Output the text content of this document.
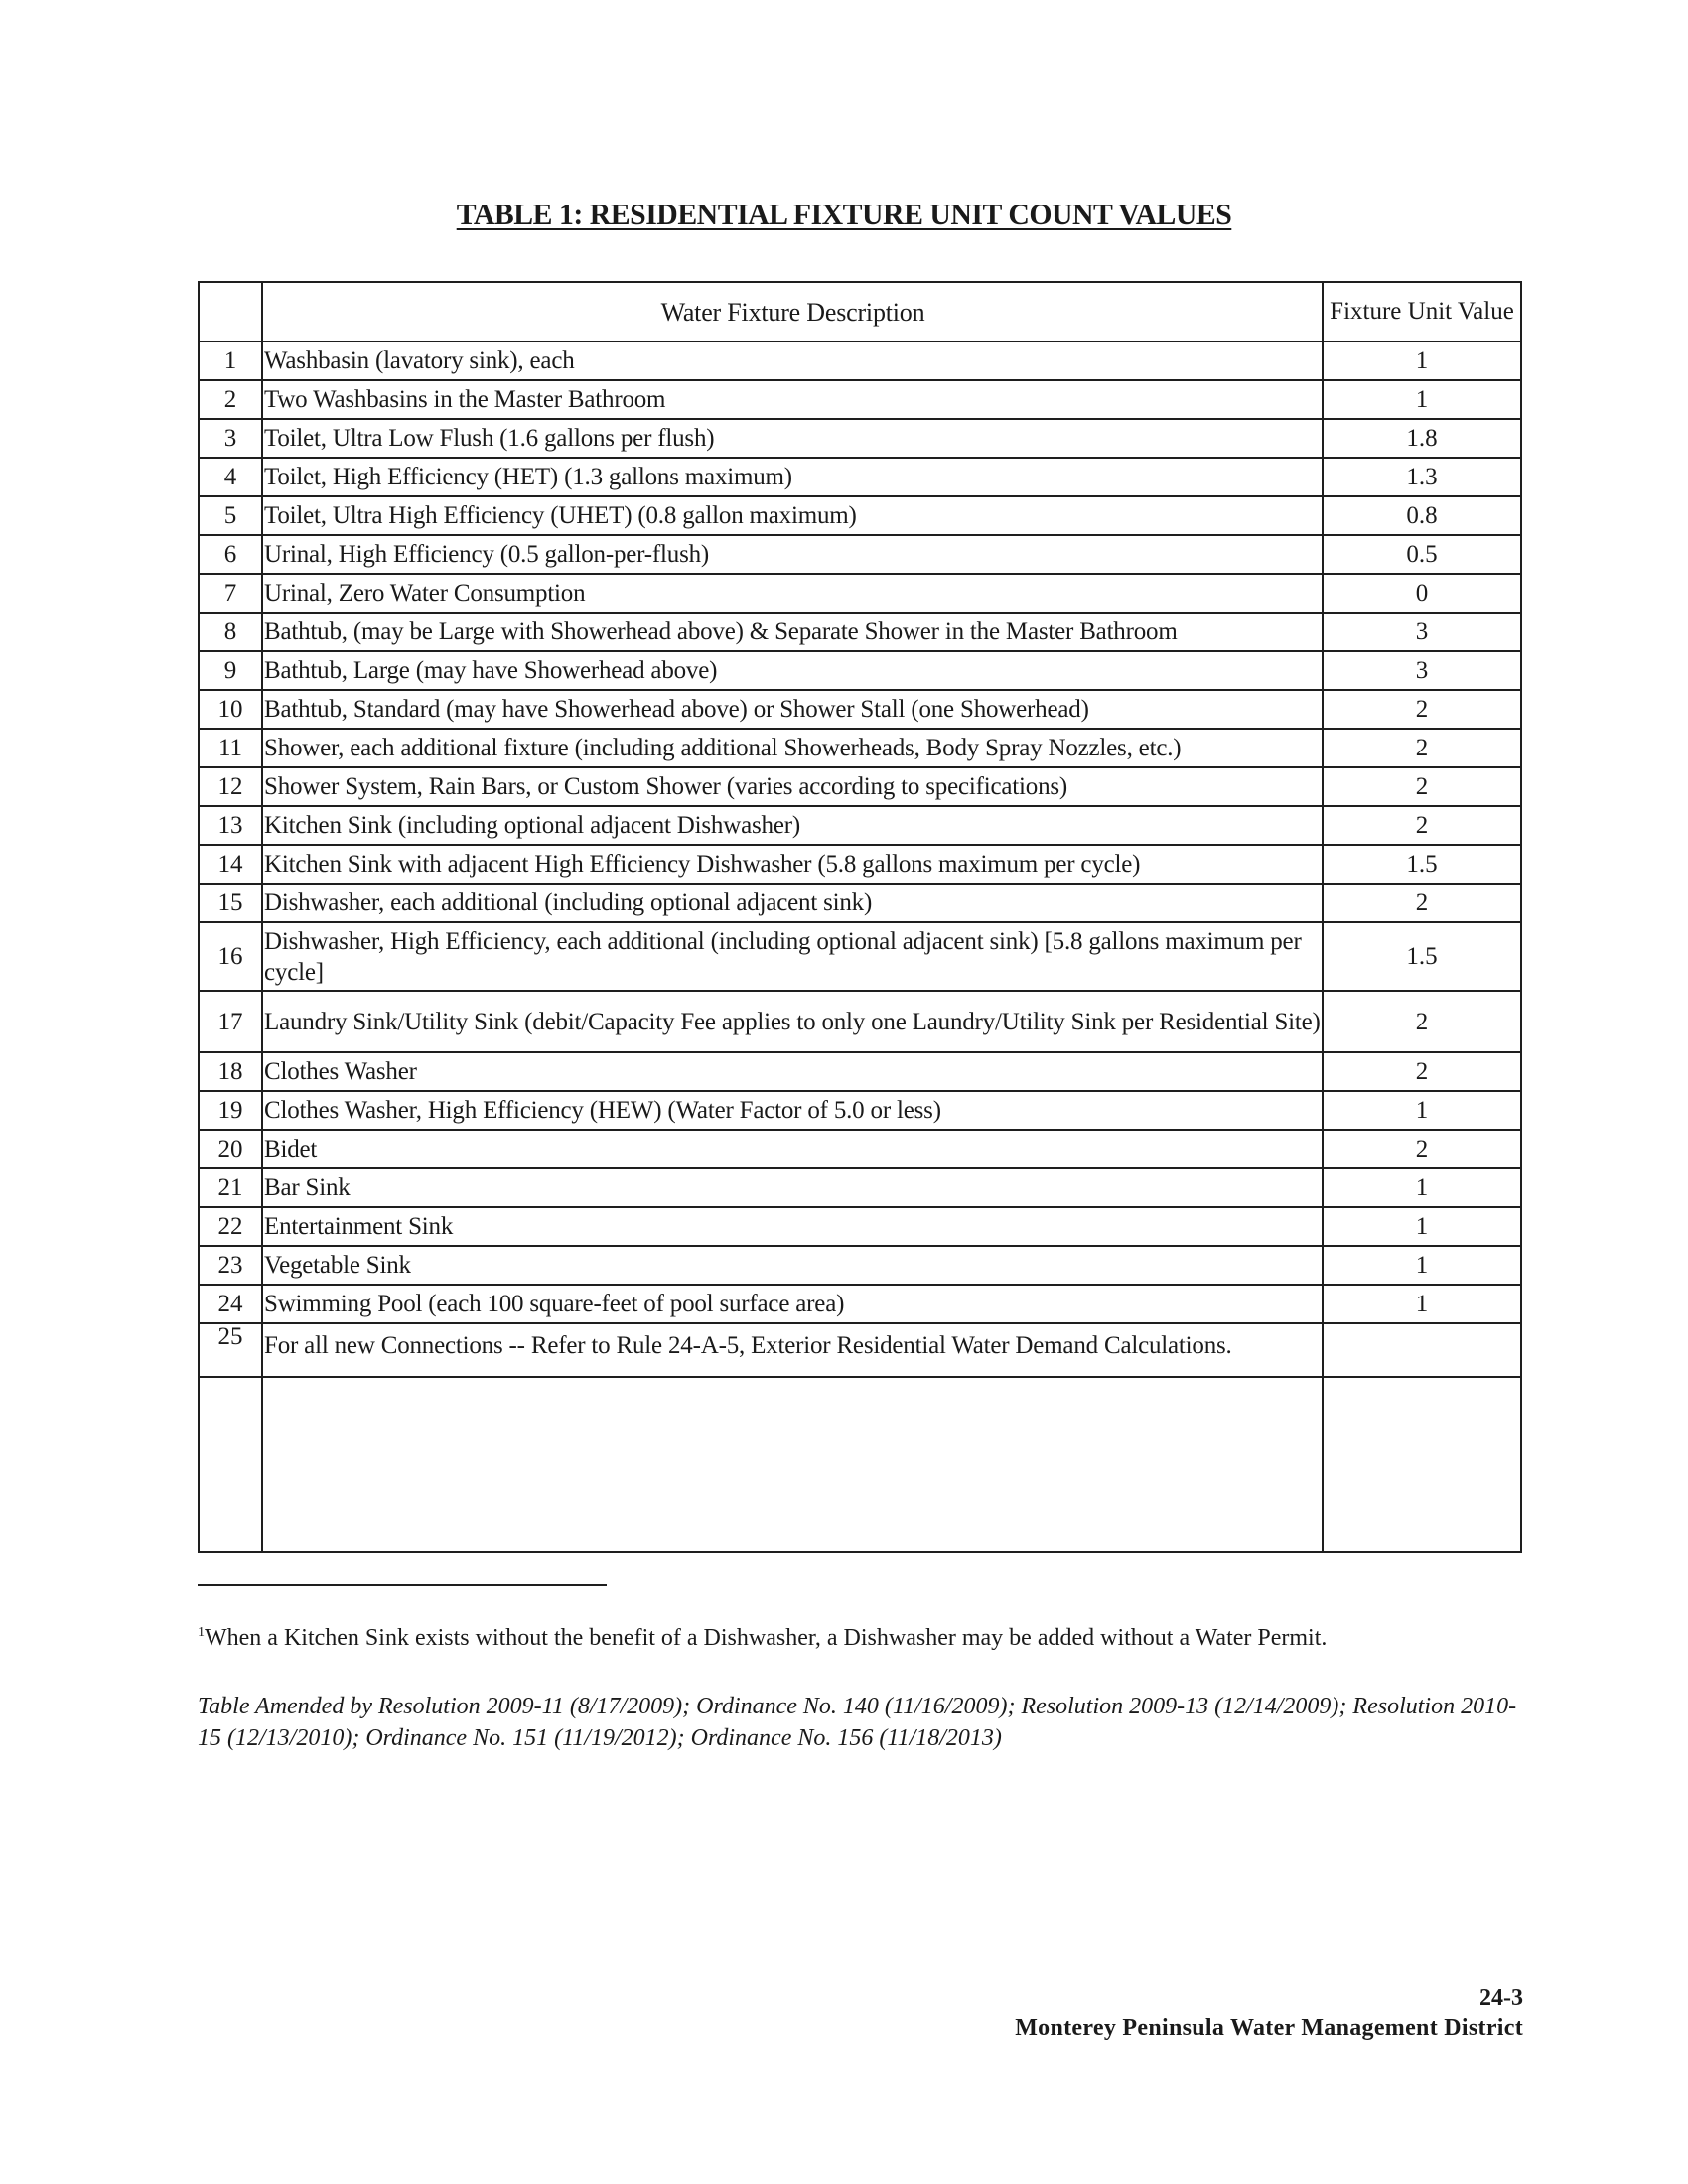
TABLE 1: RESIDENTIAL FIXTURE UNIT COUNT VALUES
	Water Fixture Description	Fixture Unit Value
1	Washbasin (lavatory sink), each	1
2	Two Washbasins in the Master Bathroom	1
3	Toilet, Ultra Low Flush (1.6 gallons per flush)	1.8
4	Toilet, High Efficiency (HET) (1.3 gallons maximum)	1.3
5	Toilet, Ultra High Efficiency (UHET) (0.8 gallon maximum)	0.8
6	Urinal, High Efficiency (0.5 gallon-per-flush)	0.5
7	Urinal, Zero Water Consumption	0
8	Bathtub, (may be Large with Showerhead above) & Separate Shower in the Master Bathroom	3
9	Bathtub, Large (may have Showerhead above)	3
10	Bathtub, Standard (may have Showerhead above) or Shower Stall (one Showerhead)	2
11	Shower, each additional fixture (including additional Showerheads, Body Spray Nozzles, etc.)	2
12	Shower System, Rain Bars, or Custom Shower (varies according to specifications)	2
13	Kitchen Sink (including optional adjacent Dishwasher)	2
14	Kitchen Sink with adjacent High Efficiency Dishwasher (5.8 gallons maximum per cycle)	1.5
15	Dishwasher, each additional (including optional adjacent sink)	2
16	Dishwasher, High Efficiency, each additional (including optional adjacent sink) [5.8 gallons maximum per cycle]	1.5
17	Laundry Sink/Utility Sink (debit/Capacity Fee applies to only one Laundry/Utility Sink per Residential Site)	2
18	Clothes Washer	2
19	Clothes Washer, High Efficiency (HEW) (Water Factor of 5.0 or less)	1
20	Bidet	2
21	Bar Sink	1
22	Entertainment Sink	1
23	Vegetable Sink	1
24	Swimming Pool (each 100 square-feet of pool surface area)	1
25	For all new Connections -- Refer to Rule 24-A-5, Exterior Residential Water Demand Calculations.	

$^1$When a Kitchen Sink exists without the benefit of a Dishwasher, a Dishwasher may be added without a Water Permit.
Table Amended by Resolution 2009-11 (8/17/2009); Ordinance No. 140 (11/16/2009); Resolution 2009-13 (12/14/2009); Resolution 2010-15 (12/13/2010); Ordinance No. 151 (11/19/2012); Ordinance No. 156 (11/18/2013)
24-3
Monterey Peninsula Water Management District
